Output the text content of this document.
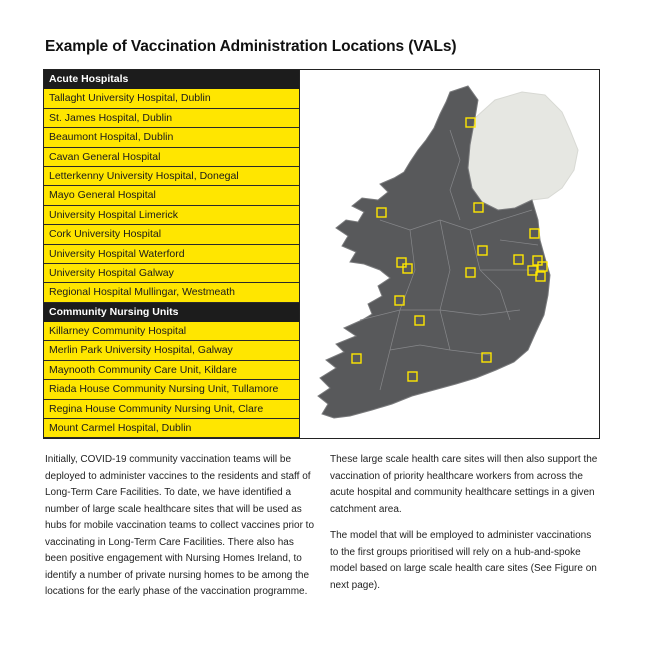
Example of Vaccination Administration Locations (VALs)
Acute Hospitals
Tallaght University Hospital, Dublin
St. James Hospital, Dublin
Beaumont Hospital, Dublin
Cavan General Hospital
Letterkenny University Hospital, Donegal
Mayo General Hospital
University Hospital Limerick
Cork University Hospital
University Hospital Waterford
University Hospital Galway
Regional Hospital Mullingar, Westmeath
Community Nursing Units
Killarney Community Hospital
Merlin Park University Hospital, Galway
Maynooth Community Care Unit, Kildare
Riada House Community Nursing Unit, Tullamore
Regina House Community Nursing Unit, Clare
Mount Carmel Hospital, Dublin

Initially, COVID-19 community vaccination teams will be deployed to administer vaccines to the residents and staff of Long-Term Care Facilities. To date, we have identified a number of large scale healthcare sites that will be used as hubs for mobile vaccination teams to collect vaccines prior to vaccinating in Long-Term Care Facilities. There also has been positive engagement with Nursing Homes Ireland, to identify a number of private nursing homes to be among the locations for the early phase of the vaccination programme.

These large scale health care sites will then also support the vaccination of priority healthcare workers from across the acute hospital and community healthcare settings in a given catchment area.

The model that will be employed to administer vaccinations to the first groups prioritised will rely on a hub-and-spoke model based on large scale health care sites (See Figure on next page).
